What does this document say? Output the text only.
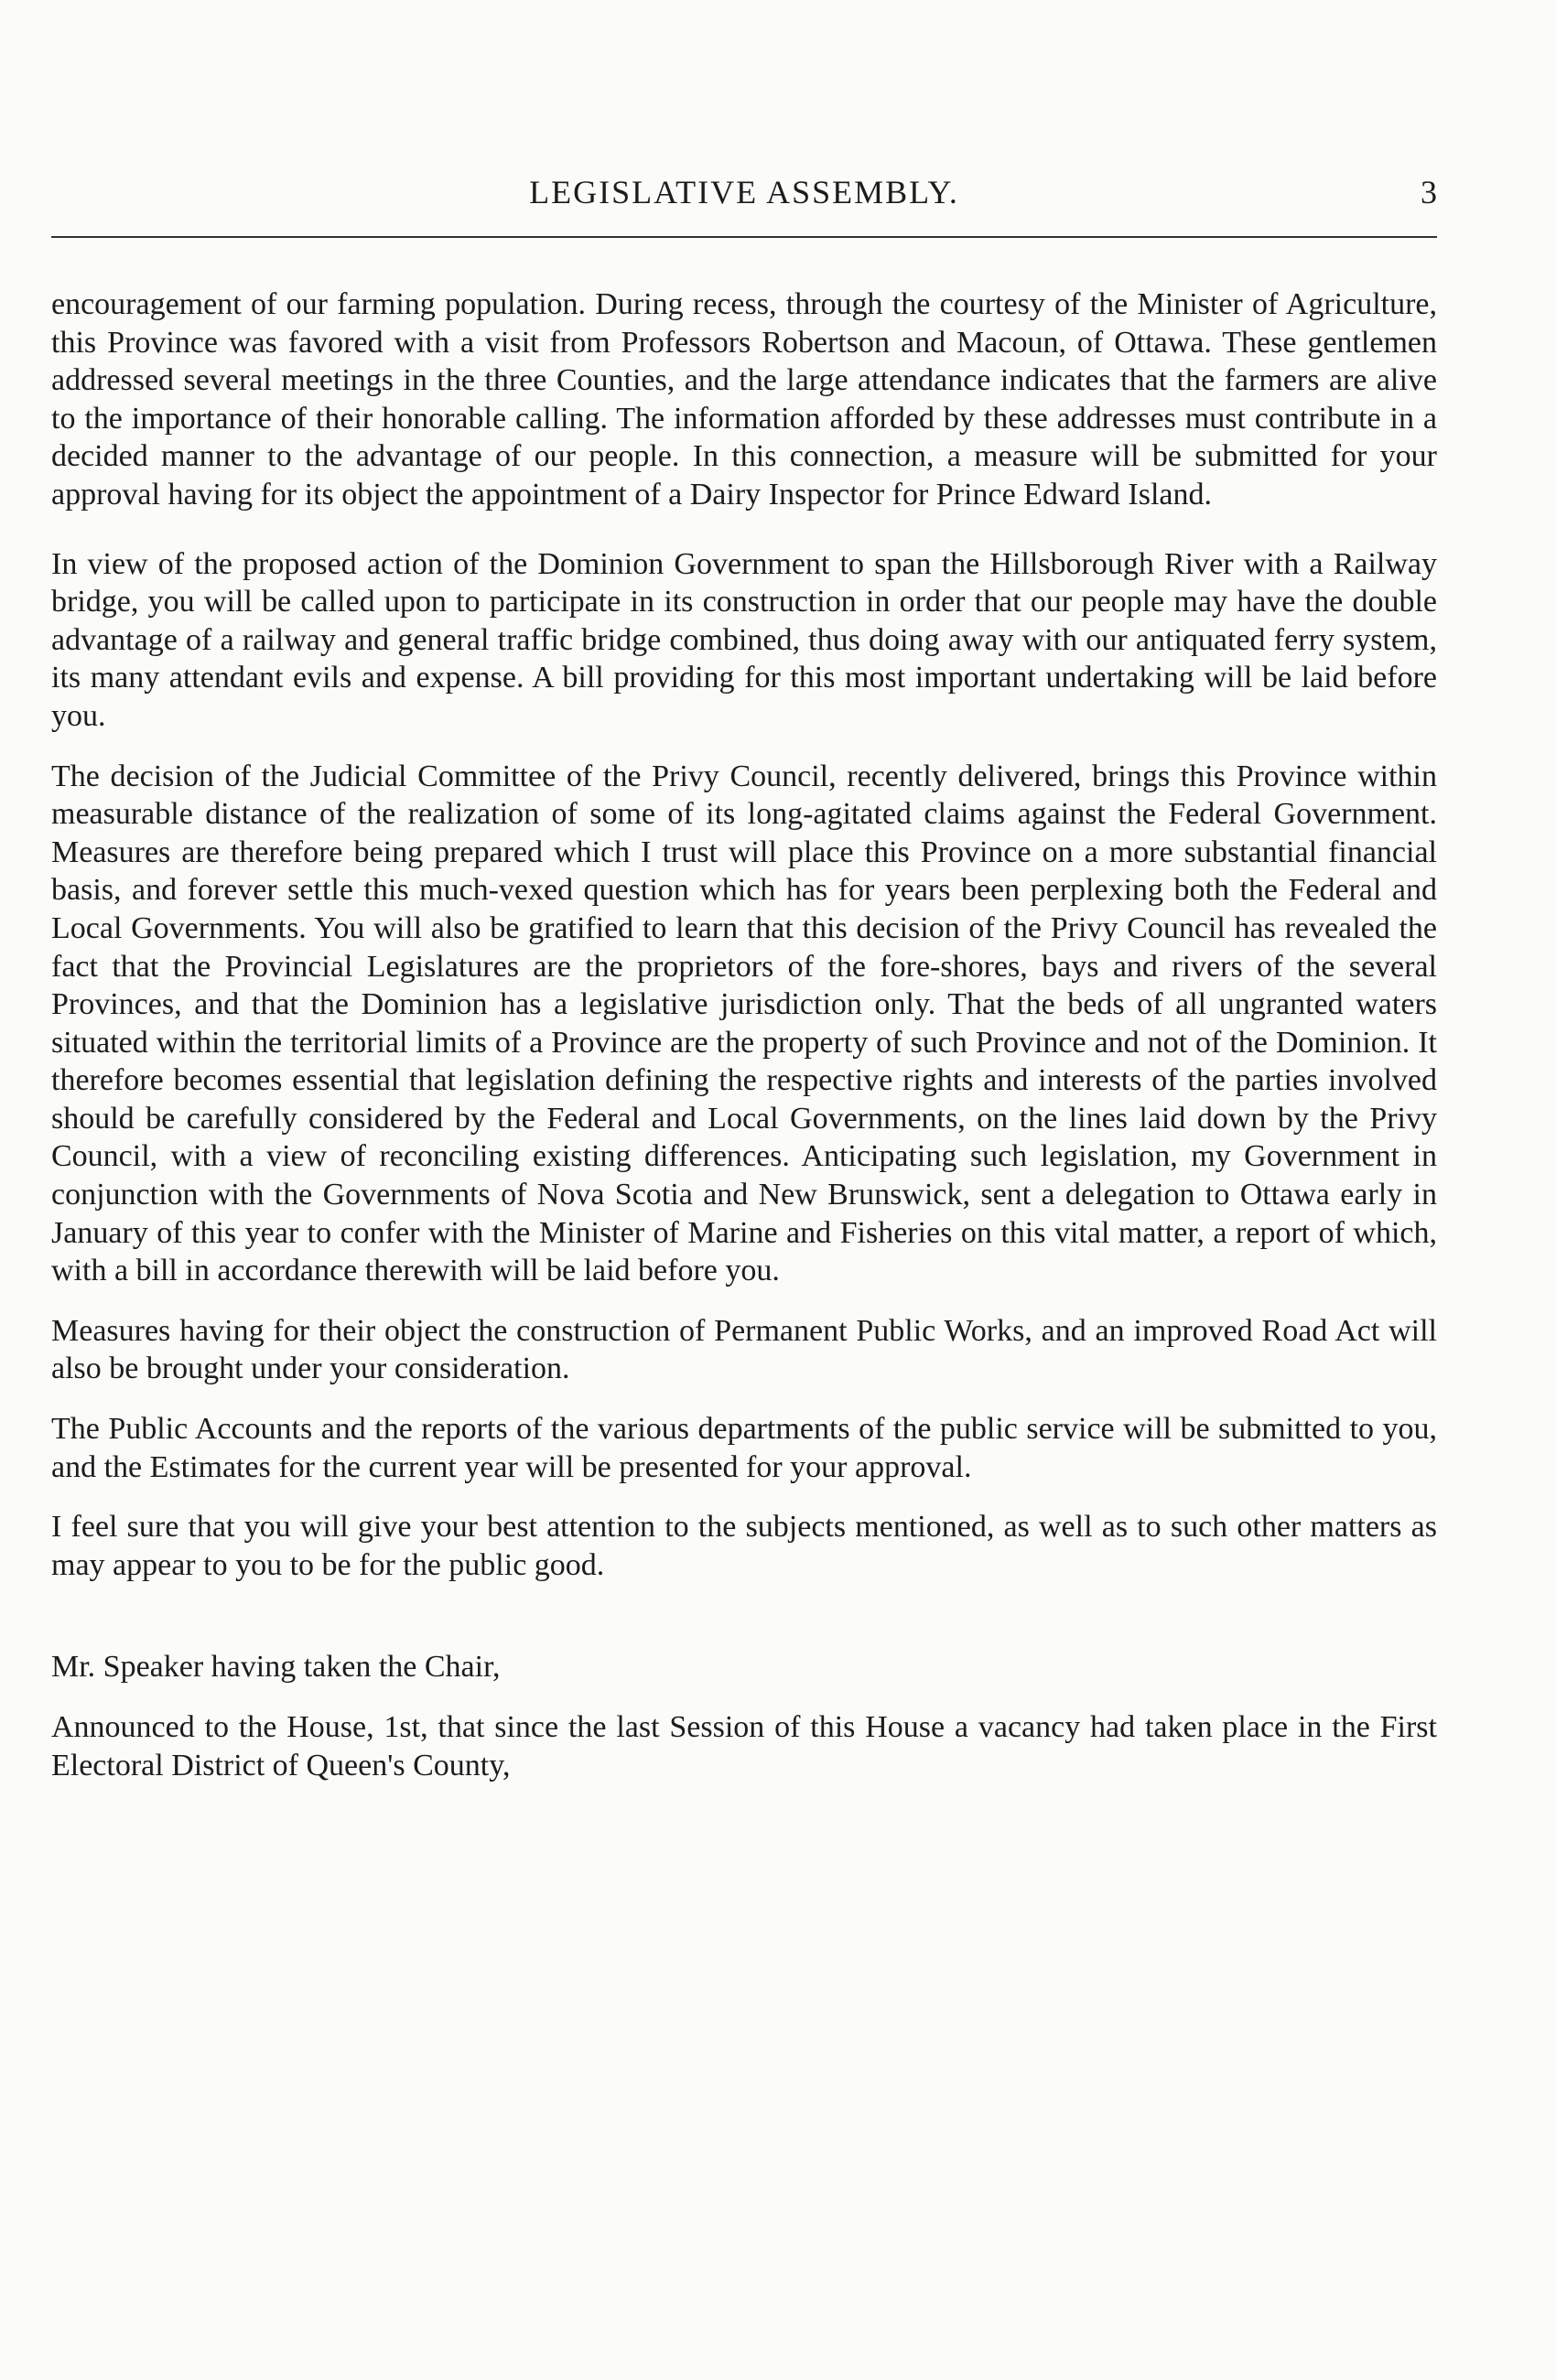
LEGISLATIVE ASSEMBLY.	3

encouragement of our farming population. During recess, through the courtesy of the Minister of Agriculture, this Province was favored with a visit from Professors Robertson and Macoun, of Ottawa. These gentlemen addressed several meetings in the three Counties, and the large attendance indicates that the farmers are alive to the importance of their honorable calling. The information afforded by these addresses must contribute in a decided manner to the advantage of our people. In this connection, a measure will be submitted for your approval having for its object the appointment of a Dairy Inspector for Prince Edward Island.

In view of the proposed action of the Dominion Government to span the Hillsborough River with a Railway bridge, you will be called upon to participate in its construction in order that our people may have the double advantage of a railway and general traffic bridge combined, thus doing away with our antiquated ferry system, its many attendant evils and expense. A bill providing for this most important undertaking will be laid before you.

The decision of the Judicial Committee of the Privy Council, recently delivered, brings this Province within measurable distance of the realization of some of its long-agitated claims against the Federal Government. Measures are therefore being prepared which I trust will place this Province on a more substantial financial basis, and forever settle this much-vexed question which has for years been perplexing both the Federal and Local Governments. You will also be gratified to learn that this decision of the Privy Council has revealed the fact that the Provincial Legislatures are the proprietors of the fore-shores, bays and rivers of the several Provinces, and that the Dominion has a legislative jurisdiction only. That the beds of all ungranted waters situated within the territorial limits of a Province are the property of such Province and not of the Dominion. It therefore becomes essential that legislation defining the respective rights and interests of the parties involved should be carefully considered by the Federal and Local Governments, on the lines laid down by the Privy Council, with a view of reconciling existing differences. Anticipating such legislation, my Government in conjunction with the Governments of Nova Scotia and New Brunswick, sent a delegation to Ottawa early in January of this year to confer with the Minister of Marine and Fisheries on this vital matter, a report of which, with a bill in accordance therewith will be laid before you.

Measures having for their object the construction of Permanent Public Works, and an improved Road Act will also be brought under your consideration.

The Public Accounts and the reports of the various departments of the public service will be submitted to you, and the Estimates for the current year will be presented for your approval.

I feel sure that you will give your best attention to the subjects mentioned, as well as to such other matters as may appear to you to be for the public good.

Mr. Speaker having taken the Chair,

Announced to the House, 1st, that since the last Session of this House a vacancy had taken place in the First Electoral District of Queen's County,
